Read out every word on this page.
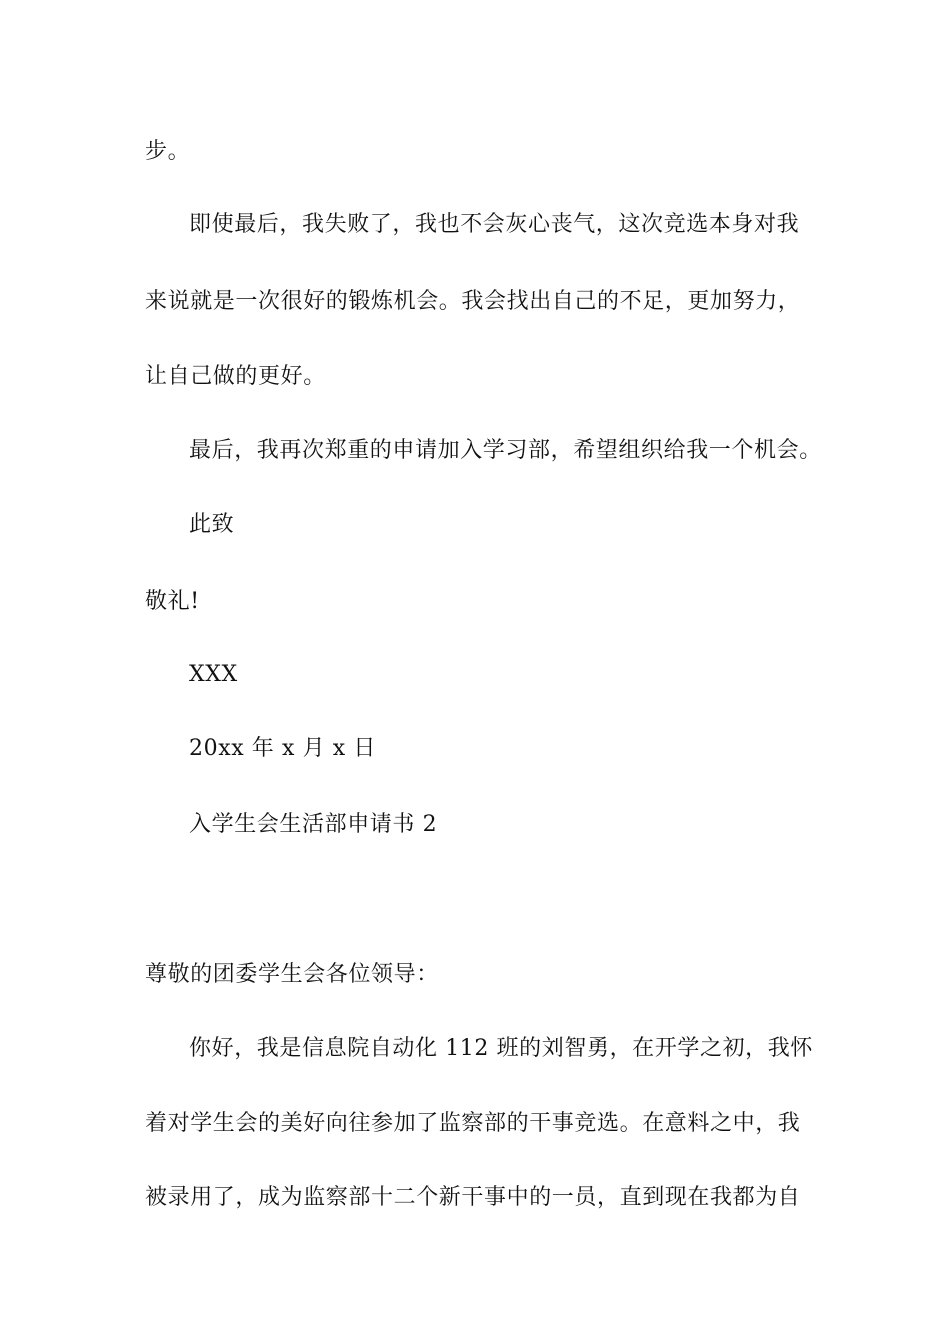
步。
即使最后，我失败了，我也不会灰心丧气，这次竞选本身对我
来说就是一次很好的锻炼机会。我会找出自己的不足，更加努力，
让自己做的更好。
最后，我再次郑重的申请加入学习部，希望组织给我一个机会。
此致
敬礼!
XXX
20xx 年 x 月 x 日
入学生会生活部申请书 2
尊敬的团委学生会各位领导：
你好，我是信息院自动化 112 班的刘智勇，在开学之初，我怀
着对学生会的美好向往参加了监察部的干事竞选。在意料之中，我
被录用了，成为监察部十二个新干事中的一员，直到现在我都为自
